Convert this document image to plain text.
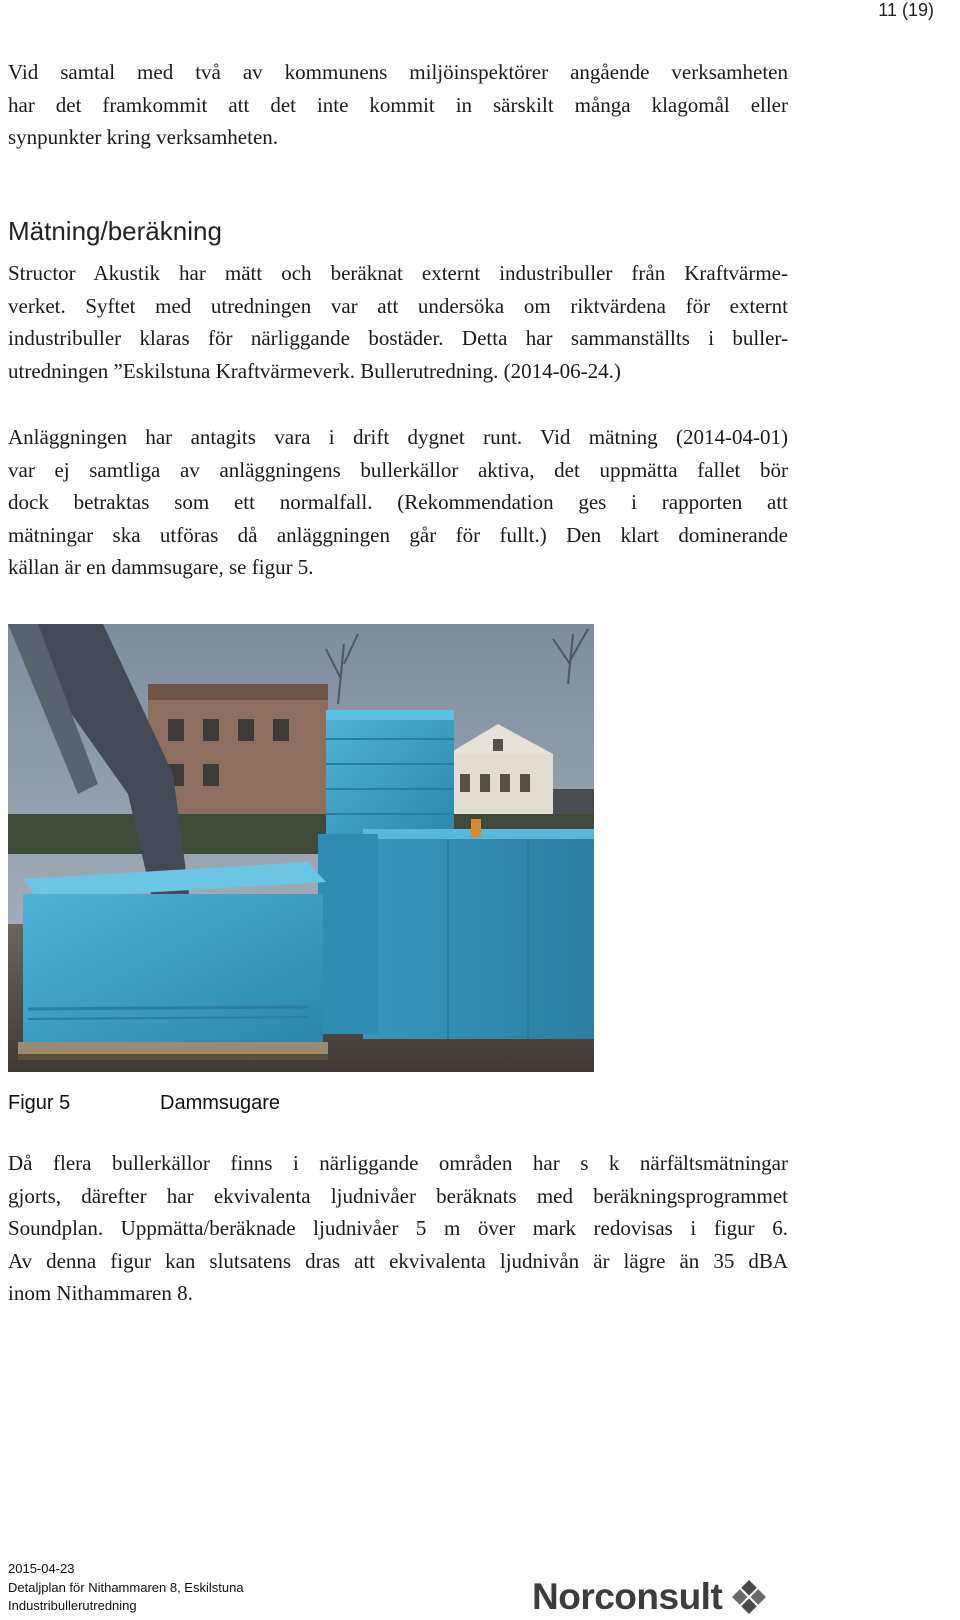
11 (19)
Vid samtal med två av kommunens miljöinspektörer angående verksamheten
har det framkommit att det inte kommit in särskilt många klagomål eller
synpunkter kring verksamheten.
Mätning/beräkning
Structor Akustik har mätt och beräknat externt industribuller från Kraftvärme-
verket. Syftet med utredningen var att undersöka om riktvärdena för externt
industribuller klaras för närliggande bostäder. Detta har sammanställts i buller-
utredningen ”Eskilstuna Kraftvärmeverk. Bullerutredning. (2014-06-24.)
Anläggningen har antagits vara i drift dygnet runt. Vid mätning (2014-04-01)
var ej samtliga av anläggningens bullerkällor aktiva, det uppmätta fallet bör
dock betraktas som ett normalfall. (Rekommendation ges i rapporten att
mätningar ska utföras då anläggningen går för fullt.) Den klart dominerande
källan är en dammsugare, se figur 5.
Figur 5	Dammsugare
Då flera bullerkällor finns i närliggande områden har s k närfältsmätningar
gjorts, därefter har ekvivalenta ljudnivåer beräknats med beräkningsprogrammet
Soundplan. Uppmätta/beräknade ljudnivåer 5 m över mark redovisas i figur 6.
Av denna figur kan slutsatens dras att ekvivalenta ljudnivån är lägre än 35 dBA
inom Nithammaren 8.
2015-04-23
Detaljplan för Nithammaren 8, Eskilstuna
Industribullerutredning	Norconsult
